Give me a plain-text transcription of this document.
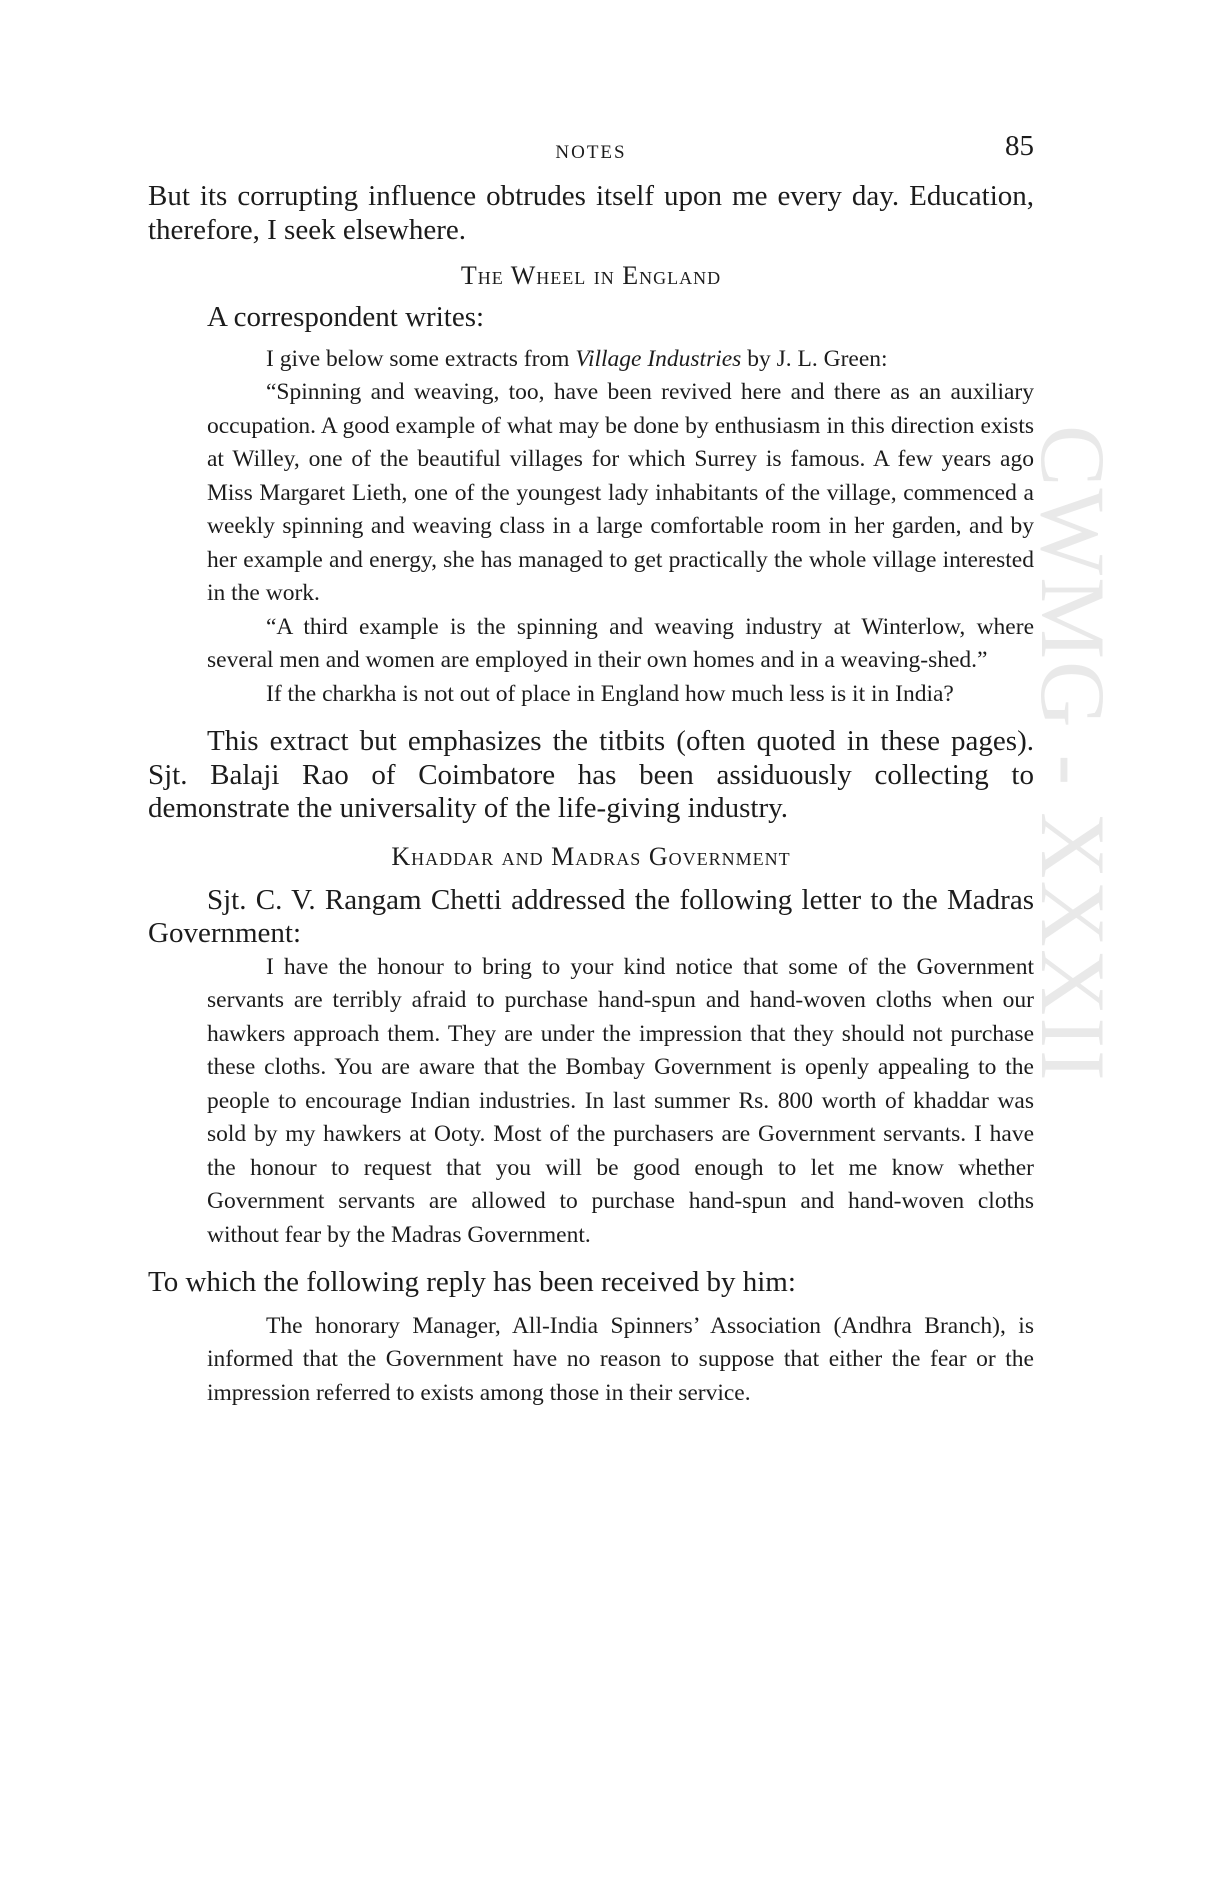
CWMG - XXXII
NOTES	85

But its corrupting influence obtrudes itself upon me every day. Education, therefore, I seek elsewhere.

The Wheel in England

A correspondent writes:

I give below some extracts from Village Industries by J. L. Green:

“Spinning and weaving, too, have been revived here and there as an auxiliary occupation. A good example of what may be done by enthusiasm in this direction exists at Willey, one of the beautiful villages for which Surrey is famous. A few years ago Miss Margaret Lieth, one of the youngest lady inhabitants of the village, commenced a weekly spinning and weaving class in a large comfortable room in her garden, and by her example and energy, she has managed to get practically the whole village interested in the work.

“A third example is the spinning and weaving industry at Winterlow, where several men and women are employed in their own homes and in a weaving-shed.”

If the charkha is not out of place in England how much less is it in India?

This extract but emphasizes the titbits (often quoted in these pages). Sjt. Balaji Rao of Coimbatore has been assiduously collecting to demonstrate the universality of the life-giving industry.

Khaddar and Madras Government

Sjt. C. V. Rangam Chetti addressed the following letter to the Madras Government:

I have the honour to bring to your kind notice that some of the Government servants are terribly afraid to purchase hand-spun and hand-woven cloths when our hawkers approach them. They are under the impression that they should not purchase these cloths. You are aware that the Bombay Government is openly appealing to the people to encourage Indian industries. In last summer Rs. 800 worth of khaddar was sold by my hawkers at Ooty. Most of the purchasers are Government servants. I have the honour to request that you will be good enough to let me know whether Government servants are allowed to purchase hand-spun and hand-woven cloths without fear by the Madras Government.

To which the following reply has been received by him:

The honorary Manager, All-India Spinners’ Association (Andhra Branch), is informed that the Government have no reason to suppose that either the fear or the impression referred to exists among those in their service.
